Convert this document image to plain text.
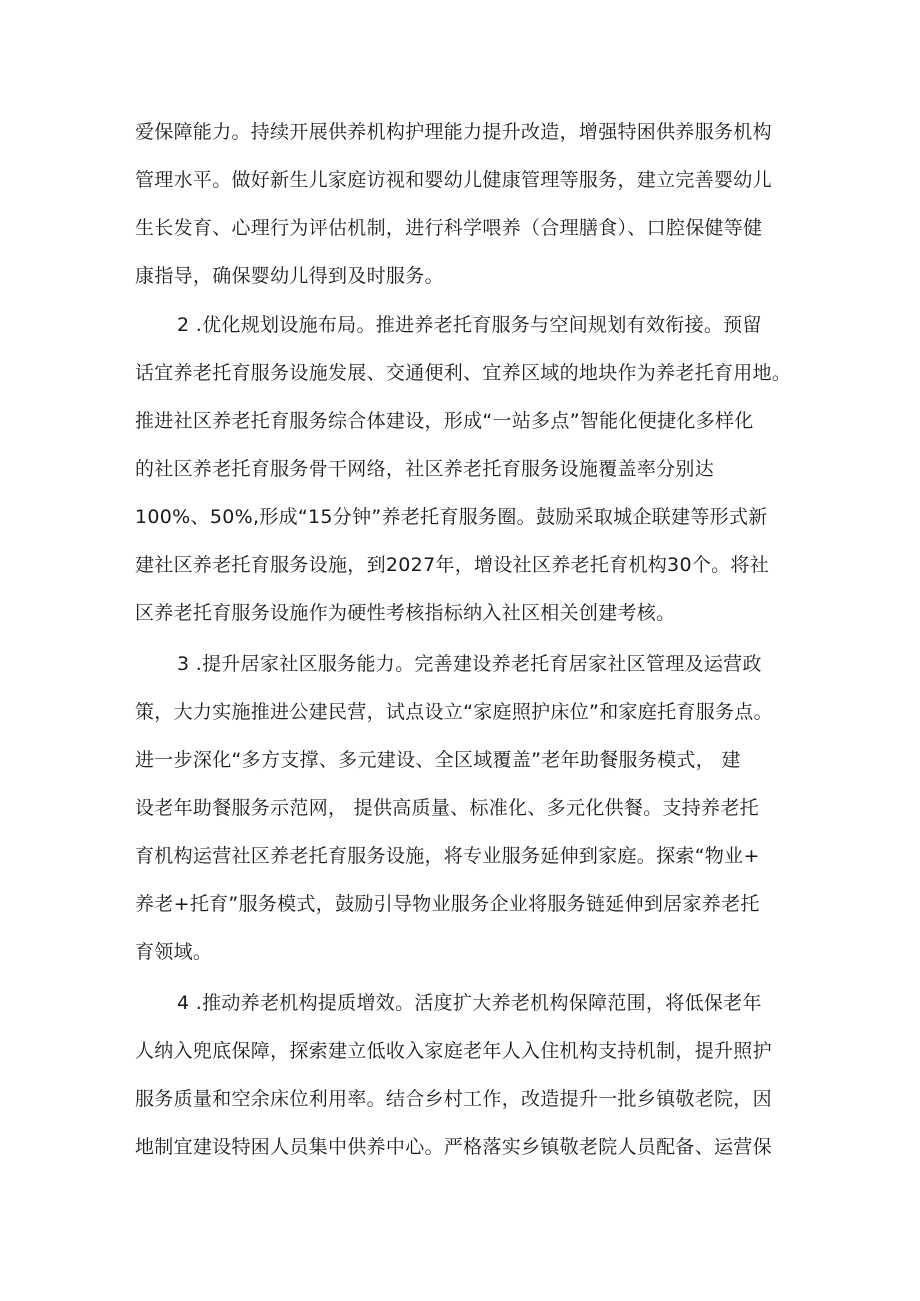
爱保障能力。持续开展供养机构护理能力提升改造，增强特困供养服务机构
管理水平。做好新生儿家庭访视和婴幼儿健康管理等服务，建立完善婴幼儿
生长发育、心理行为评估机制，进行科学喂养（合理膳食）、口腔保健等健
康指导，确保婴幼儿得到及时服务。
2 .优化规划设施布局。推进养老托育服务与空间规划有效衔接。预留
话宜养老托育服务设施发展、交通便利、宜养区域的地块作为养老托育用地。
推进社区养老托育服务综合体建设，形成“一站多点”智能化便捷化多样化
的社区养老托育服务骨干网络，社区养老托育服务设施覆盖率分别达
100%、50%,形成“15分钟”养老托育服务圈。鼓励采取城企联建等形式新
建社区养老托育服务设施，到2027年，增设社区养老托育机构30个。将社
区养老托育服务设施作为硬性考核指标纳入社区相关创建考核。
3 .提升居家社区服务能力。完善建设养老托育居家社区管理及运营政
策，大力实施推进公建民营，试点设立“家庭照护床位”和家庭托育服务点。
进一步深化“多方支撑、多元建设、全区域覆盖”老年助餐服务模式， 建
设老年助餐服务示范网， 提供高质量、标准化、多元化供餐。支持养老托
育机构运营社区养老托育服务设施，将专业服务延伸到家庭。探索“物业+
养老+托育”服务模式，鼓励引导物业服务企业将服务链延伸到居家养老托
育领域。
4 .推动养老机构提质增效。活度扩大养老机构保障范围，将低保老年
人纳入兜底保障，探索建立低收入家庭老年人入住机构支持机制，提升照护
服务质量和空余床位利用率。结合乡村工作，改造提升一批乡镇敬老院，因
地制宜建设特困人员集中供养中心。严格落实乡镇敬老院人员配备、运营保
